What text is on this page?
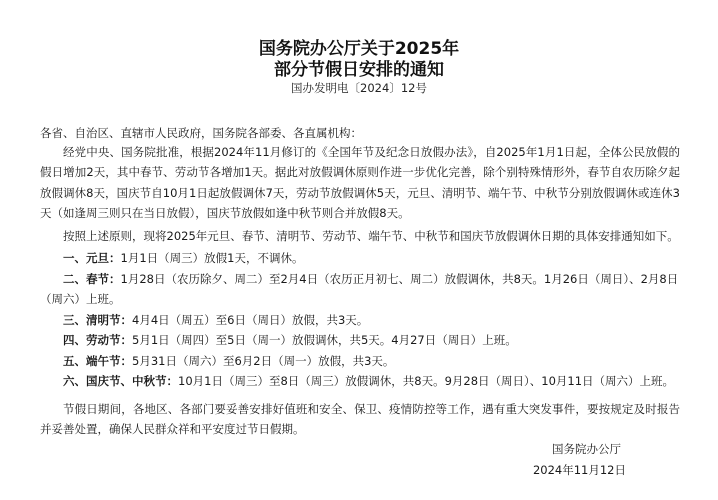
国务院办公厅关于2025年
部分节假日安排的通知
国办发明电〔2024〕12号
各省、自治区、直辖市人民政府，国务院各部委、各直属机构：

经党中央、国务院批准，根据2024年11月修订的《全国年节及纪念日放假办法》，自2025年1月1日起，全体公民放假的假日增加2天，其中春节、劳动节各增加1天。据此对放假调休原则作进一步优化完善，除个别特殊情形外，春节自农历除夕起放假调休8天，国庆节自10月1日起放假调休7天，劳动节放假调休5天，元旦、清明节、端午节、中秋节分别放假调休或连休3天（如逢周三则只在当日放假），国庆节放假如逢中秋节则合并放假8天。

按照上述原则，现将2025年元旦、春节、清明节、劳动节、端午节、中秋节和国庆节放假调休日期的具体安排通知如下。

一、元旦：1月1日（周三）放假1天，不调休。

二、春节：1月28日（农历除夕、周二）至2月4日（农历正月初七、周二）放假调休，共8天。1月26日（周日）、2月8日（周六）上班。

三、清明节：4月4日（周五）至6日（周日）放假，共3天。

四、劳动节：5月1日（周四）至5日（周一）放假调休，共5天。4月27日（周日）上班。

五、端午节：5月31日（周六）至6月2日（周一）放假，共3天。

六、国庆节、中秋节：10月1日（周三）至8日（周三）放假调休，共8天。9月28日（周日）、10月11日（周六）上班。

节假日期间，各地区、各部门要妥善安排好值班和安全、保卫、疫情防控等工作，遇有重大突发事件，要按规定及时报告并妥善处置，确保人民群众祥和平安度过节日假期。

国务院办公厅
2024年11月12日
